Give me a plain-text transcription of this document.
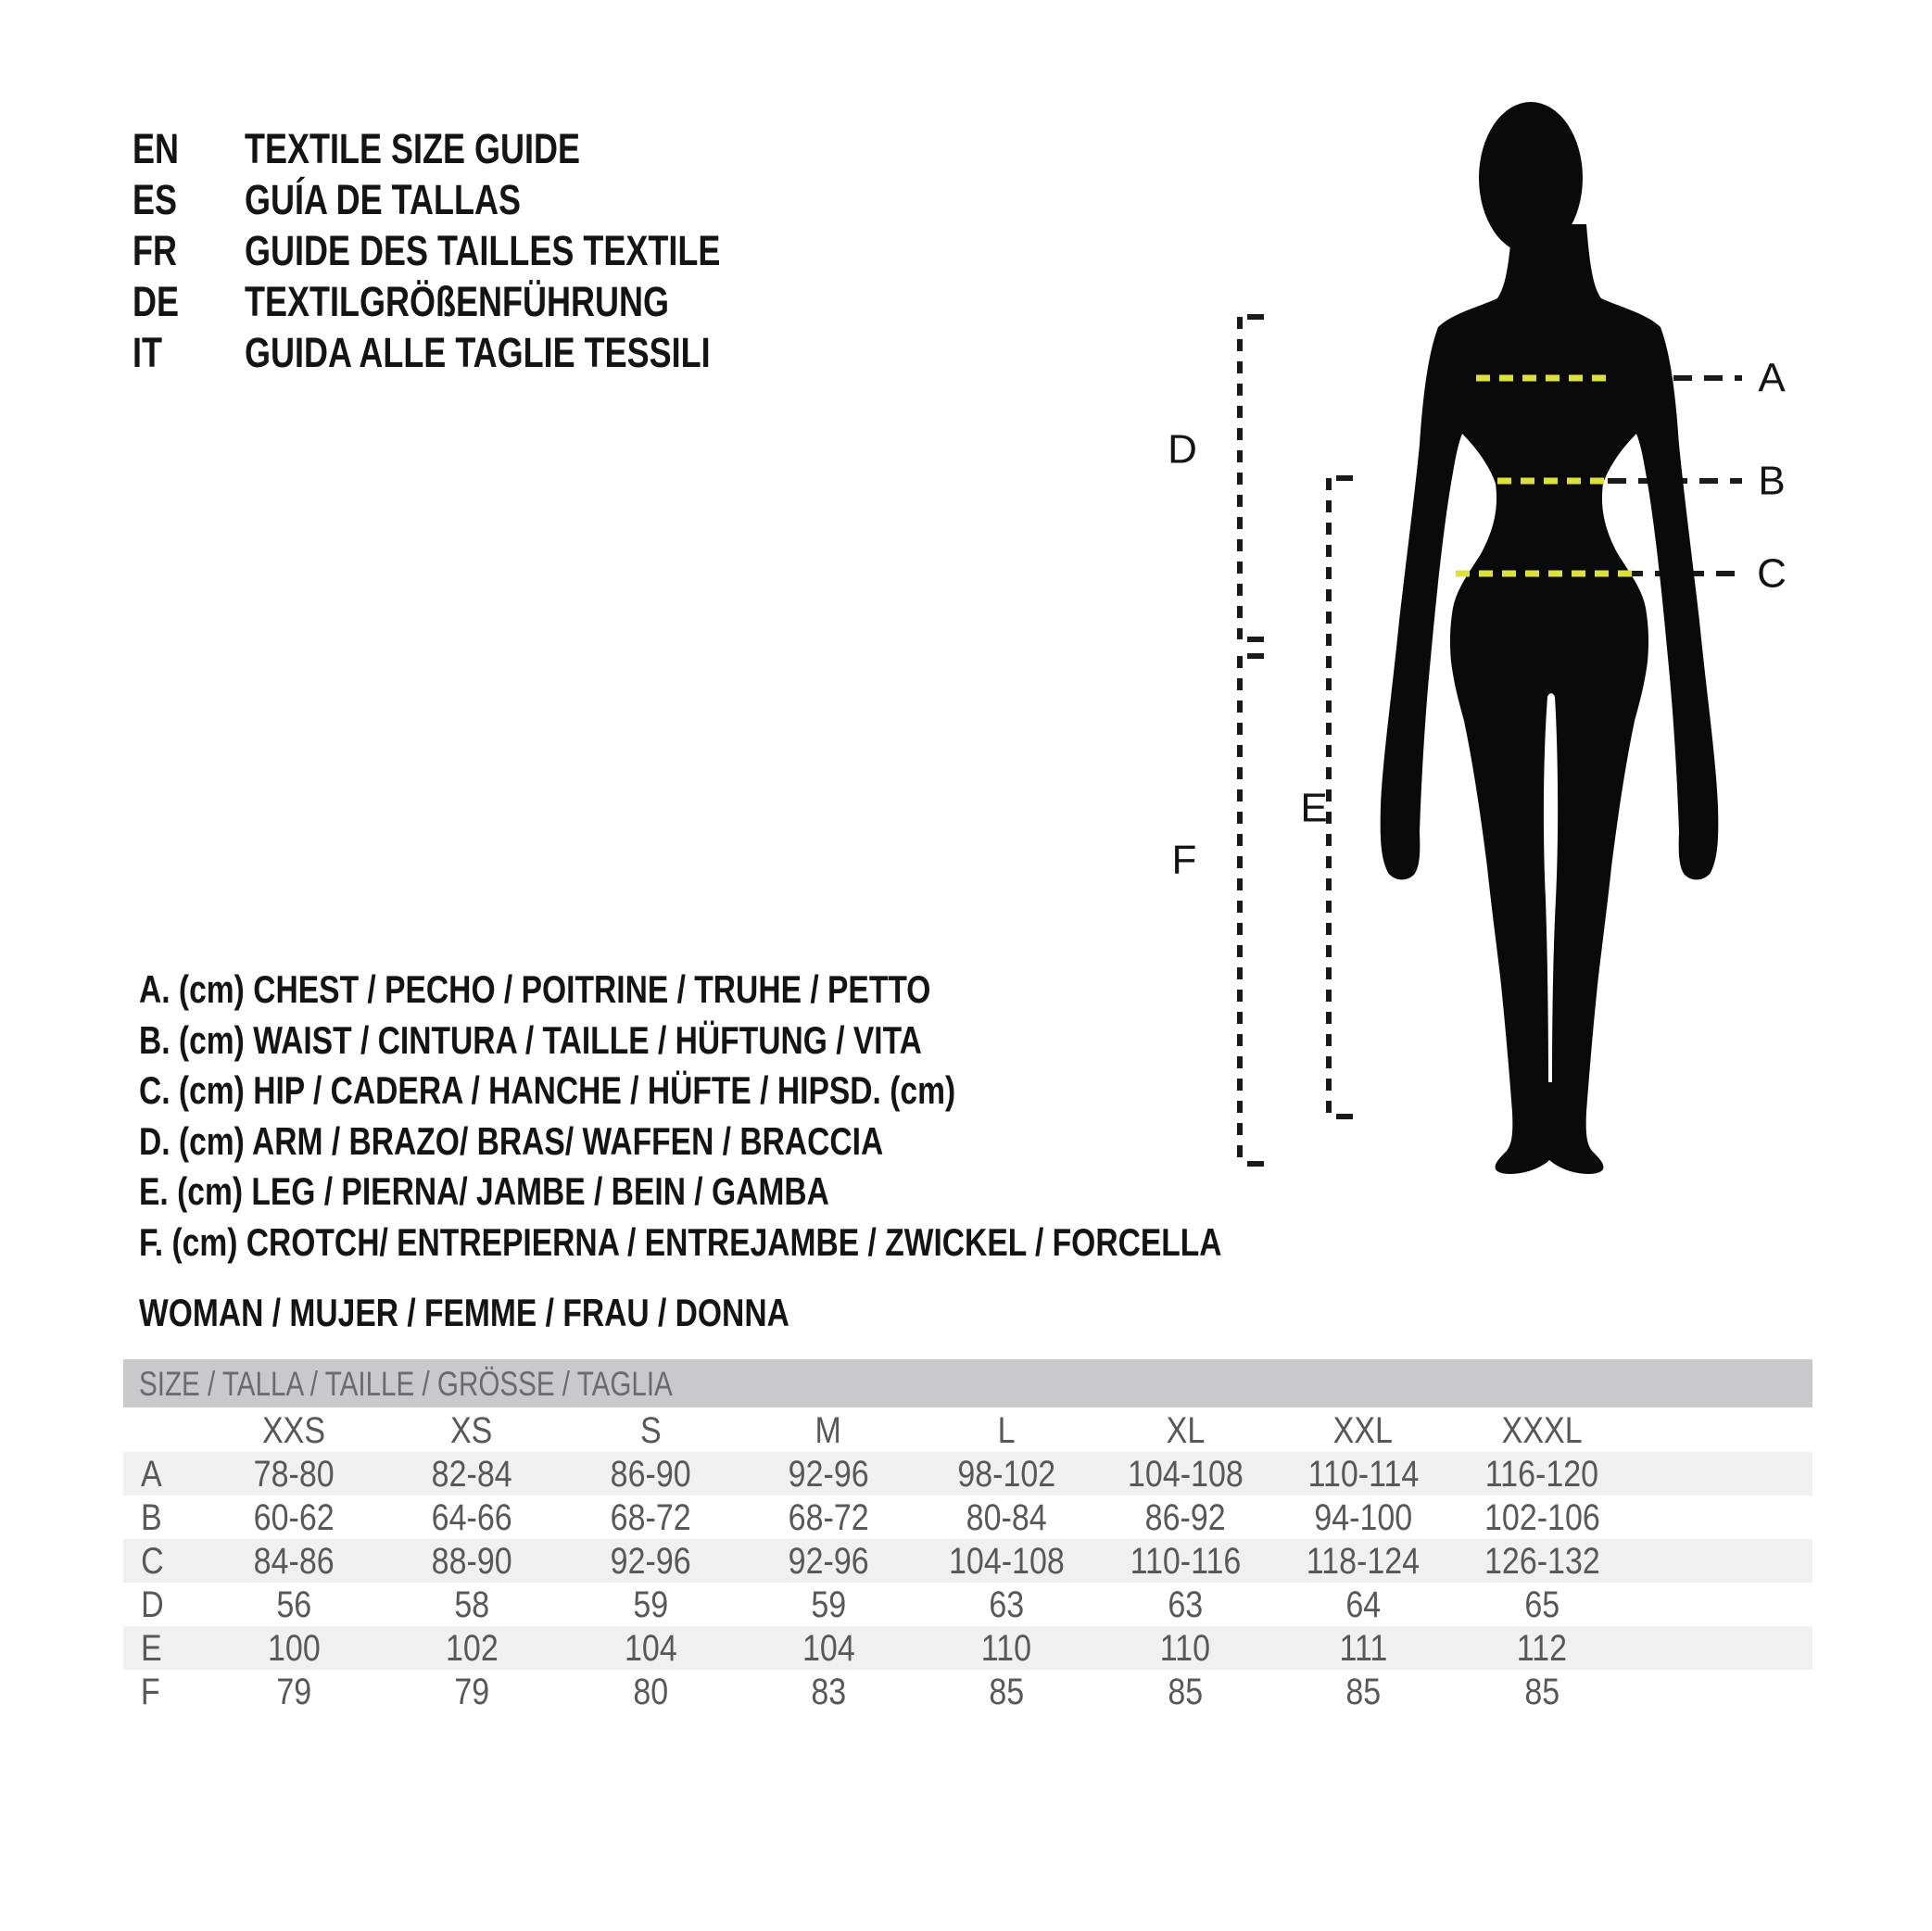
EN TEXTILE SIZE GUIDE
ES GUÍA DE TALLAS
FR GUIDE DES TAILLES TEXTILE
DE TEXTILGRÖßENFÜHRUNG
IT GUIDA ALLE TAGLIE TESSILI
A. (cm) CHEST / PECHO / POITRINE / TRUHE / PETTO
B. (cm) WAIST / CINTURA / TAILLE / HÜFTUNG / VITA
C. (cm) HIP / CADERA / HANCHE / HÜFTE / HIPSD. (cm)
D. (cm) ARM / BRAZO/ BRAS/ WAFFEN / BRACCIA
E. (cm) LEG / PIERNA/ JAMBE / BEIN / GAMBA
F. (cm) CROTCH/ ENTREPIERNA / ENTREJAMBE / ZWICKEL / FORCELLA
WOMAN / MUJER / FEMME / FRAU / DONNA
A
B
C
D
E
F
SIZE / TALLA / TAILLE / GRÖSSE / TAGLIA
XXS	XS	S	M	L	XL	XXL	XXXL
A	78-80	82-84	86-90	92-96	98-102	104-108	110-114	116-120
B	60-62	64-66	68-72	68-72	80-84	86-92	94-100	102-106
C	84-86	88-90	92-96	92-96	104-108	110-116	118-124	126-132
D	56	58	59	59	63	63	64	65
E	100	102	104	104	110	110	111	112
F	79	79	80	83	85	85	85	85
